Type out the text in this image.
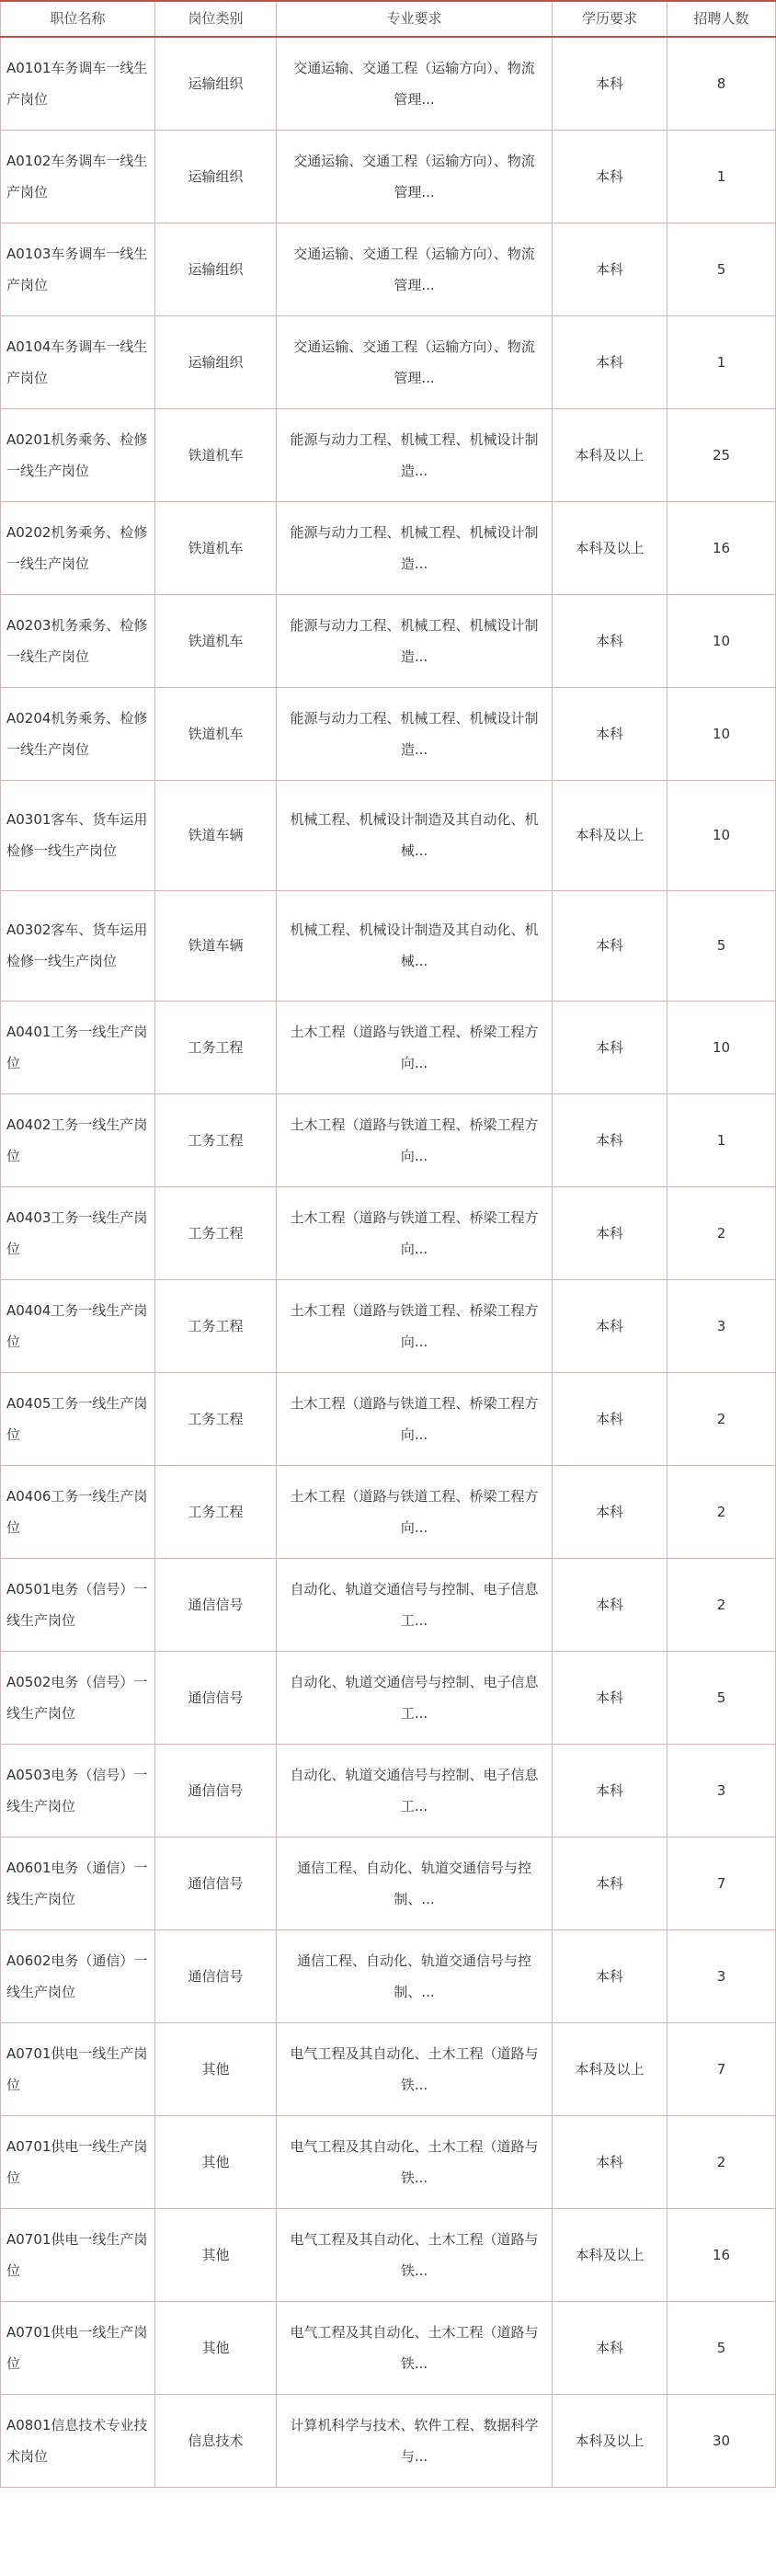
职位名称	岗位类别	专业要求	学历要求	招聘人数
A0101车务调车一线生产岗位	运输组织	交通运输、交通工程（运输方向）、物流管理...	本科	8
A0102车务调车一线生产岗位	运输组织	交通运输、交通工程（运输方向）、物流管理...	本科	1
A0103车务调车一线生产岗位	运输组织	交通运输、交通工程（运输方向）、物流管理...	本科	5
A0104车务调车一线生产岗位	运输组织	交通运输、交通工程（运输方向）、物流管理...	本科	1
A0201机务乘务、检修一线生产岗位	铁道机车	能源与动力工程、机械工程、机械设计制造...	本科及以上	25
A0202机务乘务、检修一线生产岗位	铁道机车	能源与动力工程、机械工程、机械设计制造...	本科及以上	16
A0203机务乘务、检修一线生产岗位	铁道机车	能源与动力工程、机械工程、机械设计制造...	本科	10
A0204机务乘务、检修一线生产岗位	铁道机车	能源与动力工程、机械工程、机械设计制造...	本科	10
A0301客车、货车运用检修一线生产岗位	铁道车辆	机械工程、机械设计制造及其自动化、机械...	本科及以上	10
A0302客车、货车运用检修一线生产岗位	铁道车辆	机械工程、机械设计制造及其自动化、机械...	本科	5
A0401工务一线生产岗位	工务工程	土木工程（道路与铁道工程、桥梁工程方向...	本科	10
A0402工务一线生产岗位	工务工程	土木工程（道路与铁道工程、桥梁工程方向...	本科	1
A0403工务一线生产岗位	工务工程	土木工程（道路与铁道工程、桥梁工程方向...	本科	2
A0404工务一线生产岗位	工务工程	土木工程（道路与铁道工程、桥梁工程方向...	本科	3
A0405工务一线生产岗位	工务工程	土木工程（道路与铁道工程、桥梁工程方向...	本科	2
A0406工务一线生产岗位	工务工程	土木工程（道路与铁道工程、桥梁工程方向...	本科	2
A0501电务（信号）一线生产岗位	通信信号	自动化、轨道交通信号与控制、电子信息工...	本科	2
A0502电务（信号）一线生产岗位	通信信号	自动化、轨道交通信号与控制、电子信息工...	本科	5
A0503电务（信号）一线生产岗位	通信信号	自动化、轨道交通信号与控制、电子信息工...	本科	3
A0601电务（通信）一线生产岗位	通信信号	通信工程、自动化、轨道交通信号与控制、...	本科	7
A0602电务（通信）一线生产岗位	通信信号	通信工程、自动化、轨道交通信号与控制、...	本科	3
A0701供电一线生产岗位	其他	电气工程及其自动化、土木工程（道路与铁...	本科及以上	7
A0701供电一线生产岗位	其他	电气工程及其自动化、土木工程（道路与铁...	本科	2
A0701供电一线生产岗位	其他	电气工程及其自动化、土木工程（道路与铁...	本科及以上	16
A0701供电一线生产岗位	其他	电气工程及其自动化、土木工程（道路与铁...	本科	5
A0801信息技术专业技术岗位	信息技术	计算机科学与技术、软件工程、数据科学与...	本科及以上	30
